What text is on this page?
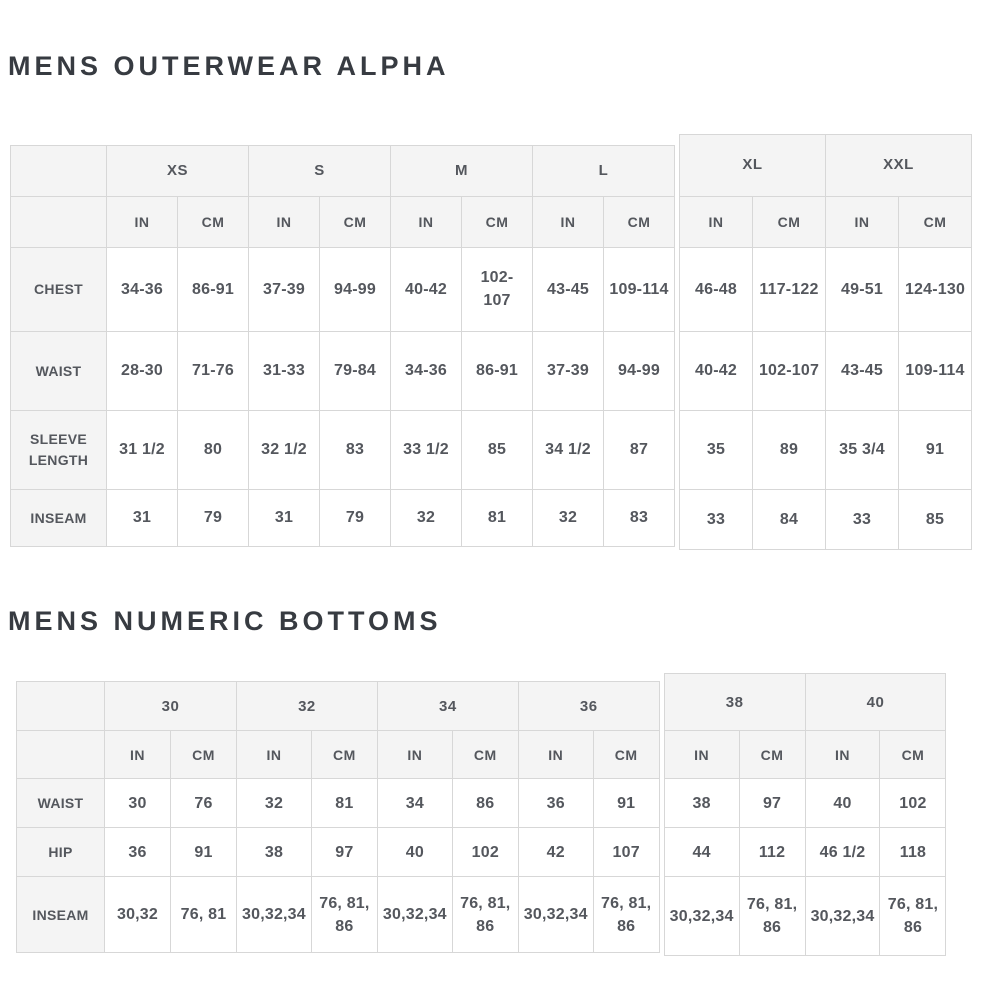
MENS OUTERWEAR ALPHA
	XS		S		M		L	
	IN	CM	IN	CM	IN	CM	IN	CM
CHEST	34-36	86-91	37-39	94-99	40-42	102-107	43-45	109-114
WAIST	28-30	71-76	31-33	79-84	34-36	86-91	37-39	94-99
SLEEVE LENGTH	31 1/2	80	32 1/2	83	33 1/2	85	34 1/2	87
INSEAM	31	79	31	79	32	81	32	83
XL		XXL	
IN	CM	IN	CM
46-48	117-122	49-51	124-130
40-42	102-107	43-45	109-114
35	89	35 3/4	91
33	84	33	85
MENS NUMERIC BOTTOMS
	30		32		34		36	
	IN	CM	IN	CM	IN	CM	IN	CM
WAIST	30	76	32	81	34	86	36	91
HIP	36	91	38	97	40	102	42	107
INSEAM	30,32	76, 81	30,32,34	76, 81, 86	30,32,34	76, 81, 86	30,32,34	76, 81, 86
38		40	
IN	CM	IN	CM
38	97	40	102
44	112	46 1/2	118
30,32,34	76, 81, 86	30,32,34	76, 81, 86
